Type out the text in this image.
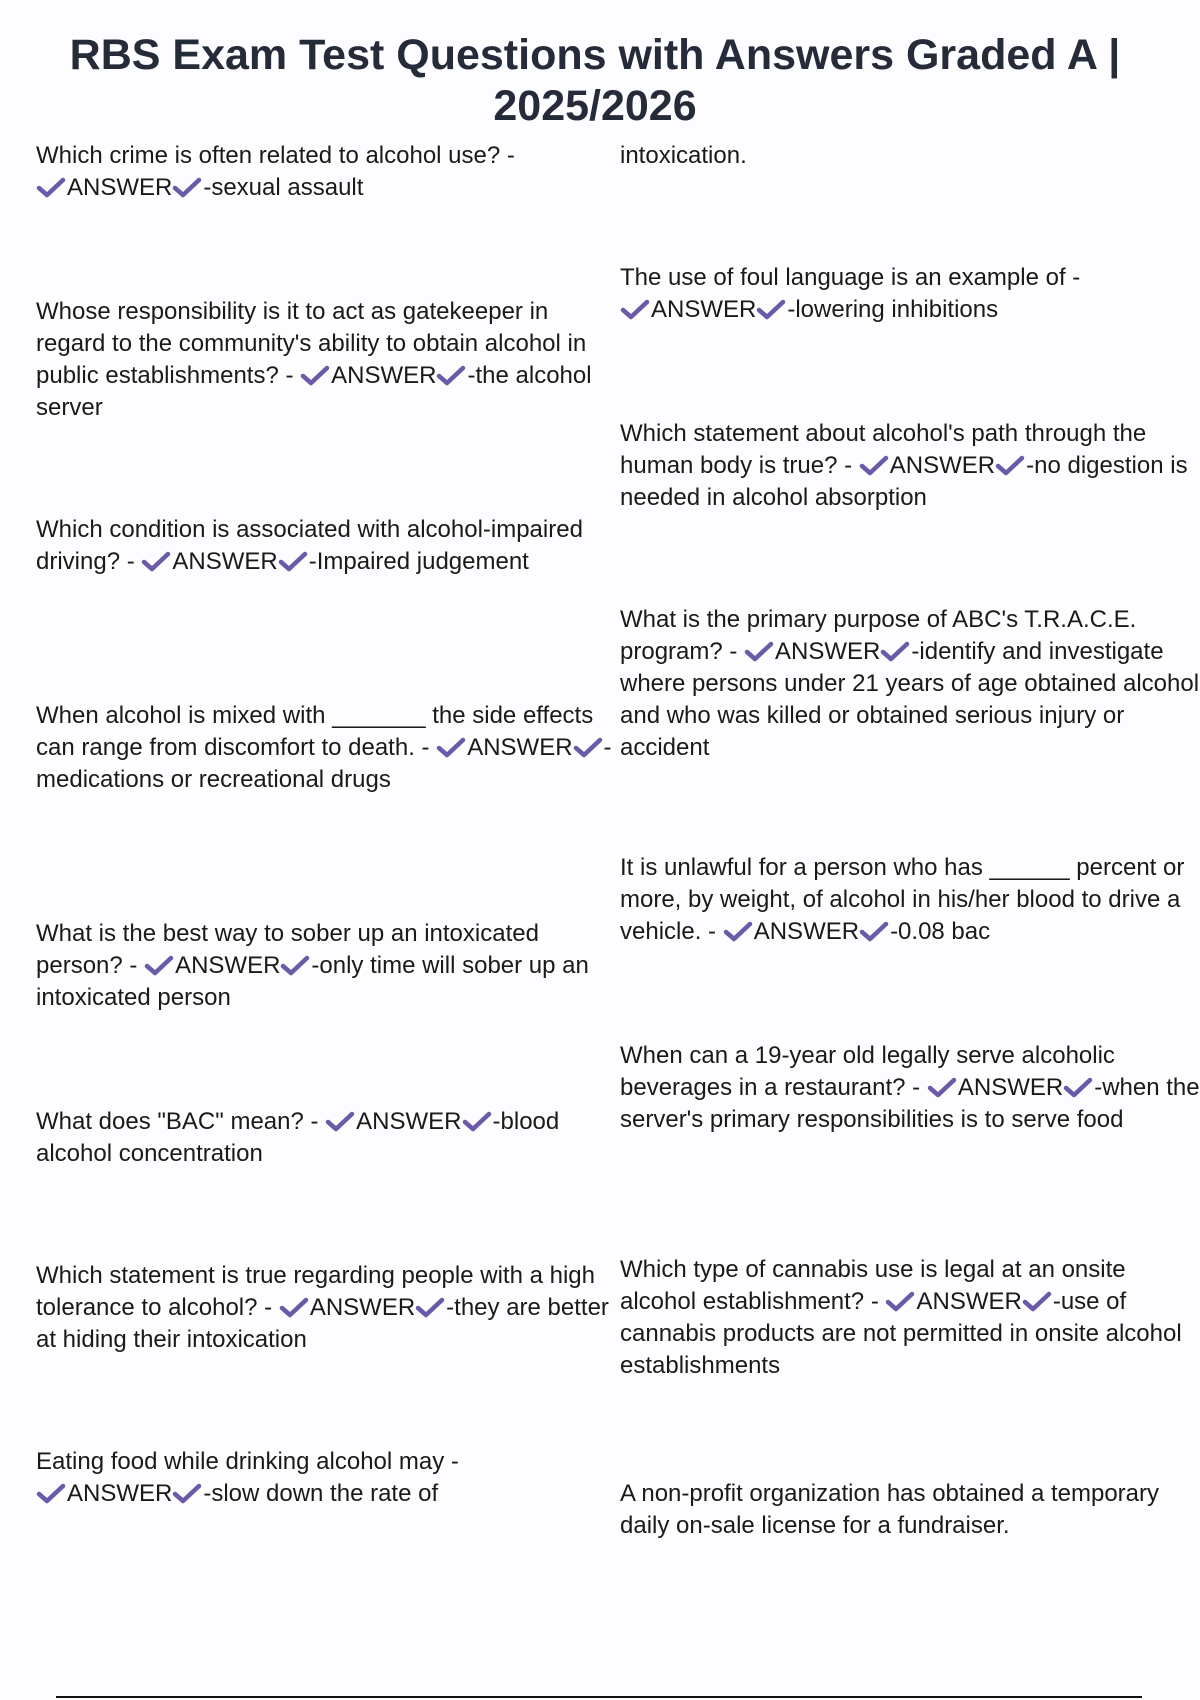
RBS Exam Test Questions with Answers Graded A | 2025/2026
Which crime is often related to alcohol use? -
ANSWER -sexual assault
Whose responsibility is it to act as gatekeeper in regard to the community's ability to obtain alcohol in public establishments? - ANSWER -the alcohol server
Which condition is associated with alcohol-impaired driving? - ANSWER -Impaired judgement
When alcohol is mixed with _______ the side effects can range from discomfort to death. - ANSWER -medications or recreational drugs
What is the best way to sober up an intoxicated person? - ANSWER -only time will sober up an intoxicated person
What does "BAC" mean? - ANSWER -blood alcohol concentration
Which statement is true regarding people with a high tolerance to alcohol? - ANSWER -they are better at hiding their intoxication
Eating food while drinking alcohol may -
ANSWER -slow down the rate of
intoxication.
The use of foul language is an example of -
ANSWER -lowering inhibitions
Which statement about alcohol's path through the human body is true? - ANSWER -no digestion is needed in alcohol absorption
What is the primary purpose of ABC's T.R.A.C.E. program? - ANSWER -identify and investigate where persons under 21 years of age obtained alcohol and who was killed or obtained serious injury or accident
It is unlawful for a person who has ______ percent or more, by weight, of alcohol in his/her blood to drive a vehicle. - ANSWER -0.08 bac
When can a 19-year old legally serve alcoholic beverages in a restaurant? - ANSWER -when the server's primary responsibilities is to serve food
Which type of cannabis use is legal at an onsite alcohol establishment? - ANSWER -use of cannabis products are not permitted in onsite alcohol establishments
A non-profit organization has obtained a temporary daily on-sale license for a fundraiser.
